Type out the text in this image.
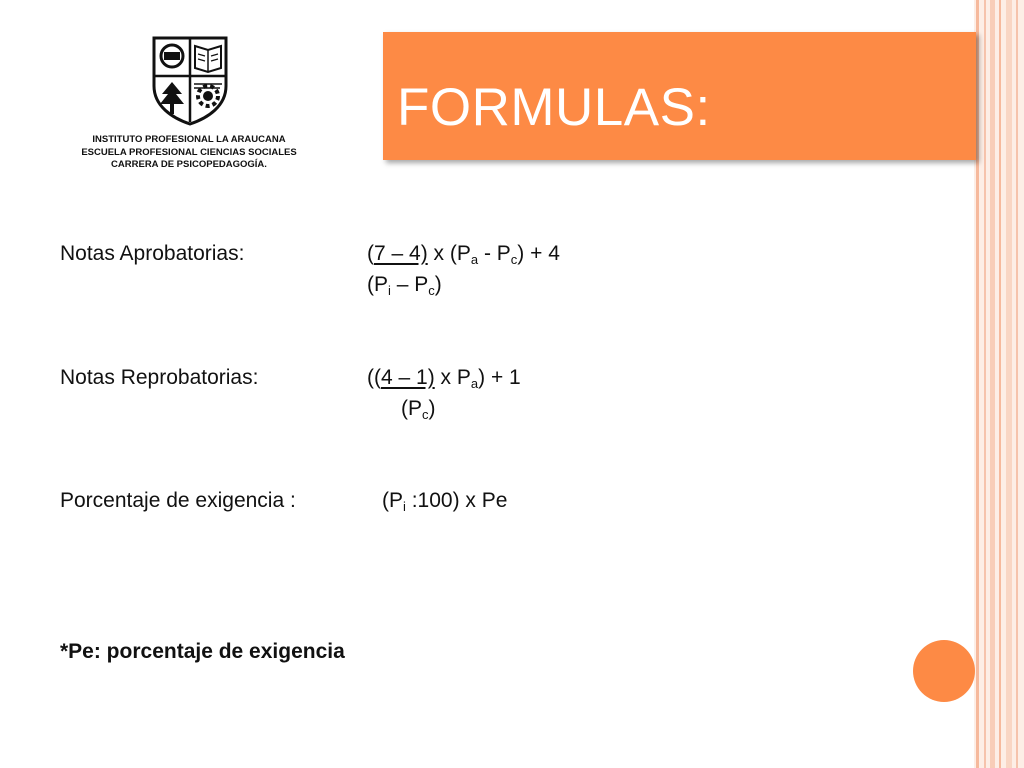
INSTITUTO PROFESIONAL LA ARAUCANA
ESCUELA PROFESIONAL CIENCIAS SOCIALES
CARRERA DE PSICOPEDAGOGÍA.
FORMULAS:
Notas Aprobatorias:	(7 – 4) x $(P_a - P_c) + 4$
$(P_i - P_c)$
Notas Reprobatorias:	((4 – 1) x $P_a) + 1$
$(P_c)$
Porcentaje de exigencia :	($P_i$ :100) x Pe
*Pe: porcentaje de exigencia
